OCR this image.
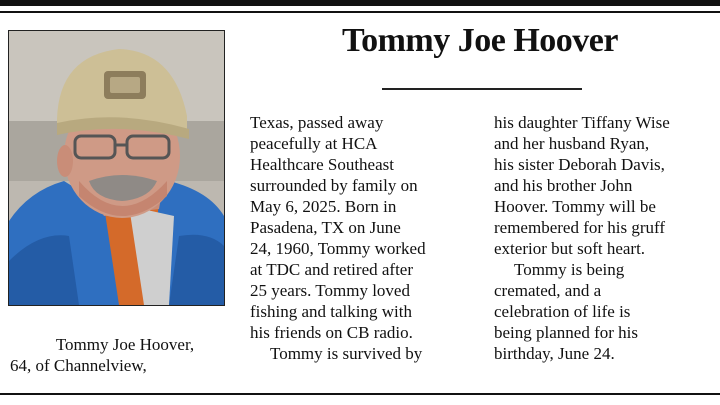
Tommy Joe Hoover,
64, of Channelview,
Tommy Joe Hoover
Texas, passed away
peacefully at HCA
Healthcare Southeast
surrounded by family on
May 6, 2025. Born in
Pasadena, TX on June
24, 1960, Tommy worked
at TDC and retired after
25 years. Tommy loved
fishing and talking with
his friends on CB radio.
Tommy is survived by
his daughter Tiffany Wise
and her husband Ryan,
his sister Deborah Davis,
and his brother John
Hoover. Tommy will be
remembered for his gruff
exterior but soft heart.
Tommy is being
cremated, and a
celebration of life is
being planned for his
birthday, June 24.
